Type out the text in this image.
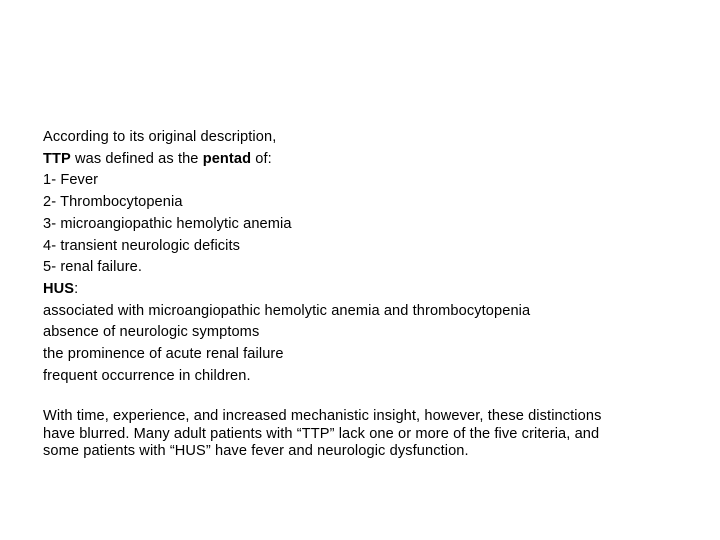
According to its original description,
TTP was defined as the pentad of:
1- Fever
2- Thrombocytopenia
3- microangiopathic hemolytic anemia
4- transient neurologic deficits
5- renal failure.
HUS:
associated with microangiopathic hemolytic anemia and thrombocytopenia
absence of neurologic symptoms
the prominence of acute renal failure
frequent occurrence in children.
With time, experience, and increased mechanistic insight, however, these distinctions
have blurred. Many adult patients with “TTP” lack one or more of the five criteria, and
some patients with “HUS” have fever and neurologic dysfunction.
